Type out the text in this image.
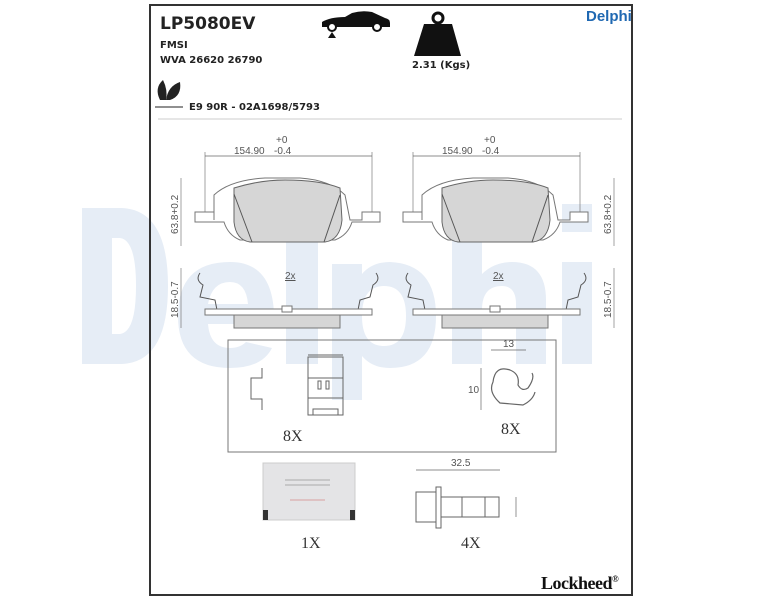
LP5080EV
FMSI
WVA 26620 26790
E9 90R - 02A1698/5793
2.31 (Kgs)
Delphi
8X	8X
1X	4X
Lockheed®
154.90 -0.4
+0
2x
63.8+0.2
18.5-0.7
154.90 -0.4
+0
2x
63.8+0.2
18.5-0.7
13
10
32.5
